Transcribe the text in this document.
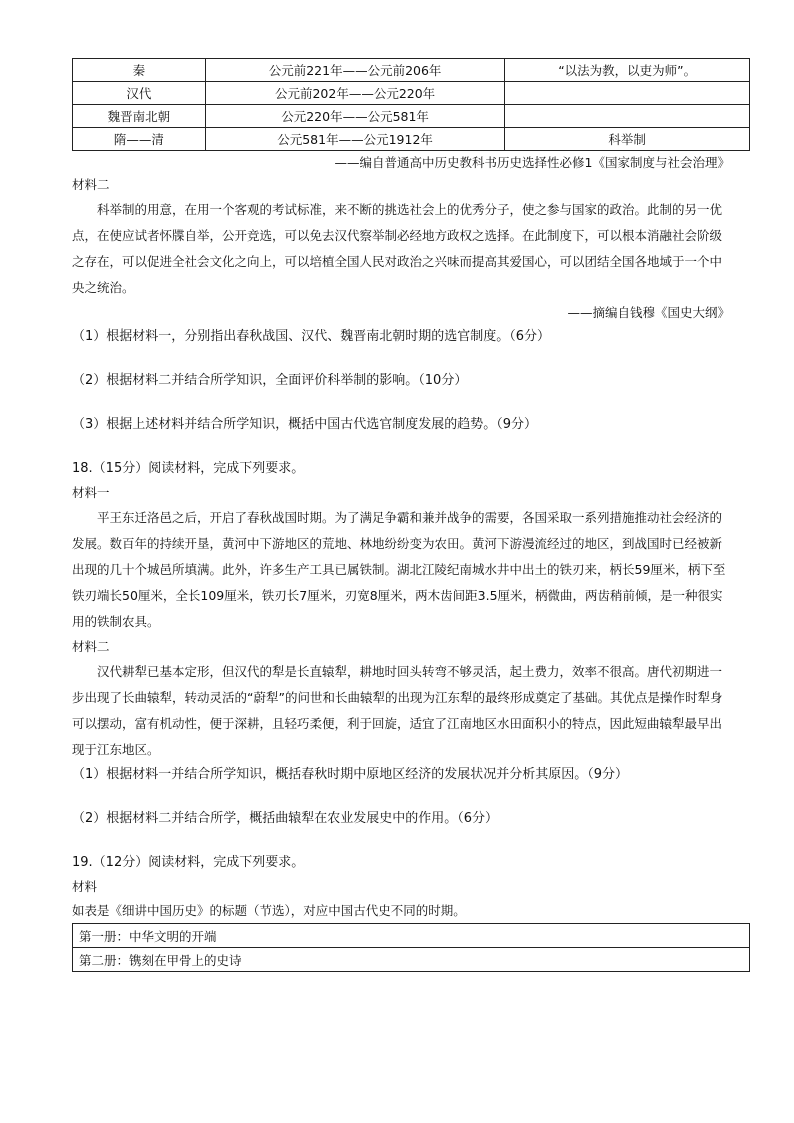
秦	公元前221年——公元前206年	“以法为教，以吏为师”。
汉代	公元前202年——公元220年	
魏晋南北朝	公元220年——公元581年	
隋——清	公元581年——公元1912年	科举制
——编自普通高中历史教科书历史选择性必修1《国家制度与社会治理》
材料二

科举制的用意，在用一个客观的考试标准，来不断的挑选社会上的优秀分子，使之参与国家的政治。此制的另一优点，在使应试者怀牒自举，公开竞选，可以免去汉代察举制必经地方政权之选择。在此制度下，可以根本消融社会阶级之存在，可以促进全社会文化之向上，可以培植全国人民对政治之兴味而提高其爱国心，可以团结全国各地域于一个中央之统治。

——摘编自钱穆《国史大纲》

（1）根据材料一，分别指出春秋战国、汉代、魏晋南北朝时期的选官制度。（6分）

（2）根据材料二并结合所学知识，全面评价科举制的影响。（10分）

（3）根据上述材料并结合所学知识，概括中国古代选官制度发展的趋势。（9分）

18.（15分）阅读材料，完成下列要求。

材料一

平王东迁洛邑之后，开启了春秋战国时期。为了满足争霸和兼并战争的需要，各国采取一系列措施推动社会经济的发展。数百年的持续开垦，黄河中下游地区的荒地、林地纷纷变为农田。黄河下游漫流经过的地区，到战国时已经被新出现的几十个城邑所填满。此外，许多生产工具已属铁制。湖北江陵纪南城水井中出土的铁刃来，柄长59厘米，柄下至铁刃端长50厘米，全长109厘米，铁刃长7厘米，刃宽8厘米，两木齿间距3.5厘米，柄微曲，两齿稍前倾，是一种很实用的铁制农具。

材料二

汉代耕犁已基本定形，但汉代的犁是长直辕犁，耕地时回头转弯不够灵活，起土费力，效率不很高。唐代初期进一步出现了长曲辕犁，转动灵活的“蔚犁”的问世和长曲辕犁的出现为江东犁的最终形成奠定了基础。其优点是操作时犁身可以摆动，富有机动性，便于深耕，且轻巧柔便，利于回旋，适宜了江南地区水田面积小的特点，因此短曲辕犁最早出现于江东地区。

（1）根据材料一并结合所学知识，概括春秋时期中原地区经济的发展状况并分析其原因。（9分）

（2）根据材料二并结合所学，概括曲辕犁在农业发展史中的作用。（6分）

19.（12分）阅读材料，完成下列要求。

材料
如表是《细讲中国历史》的标题（节选），对应中国古代史不同的时期。
第一册：中华文明的开端
第二册：镌刻在甲骨上的史诗
